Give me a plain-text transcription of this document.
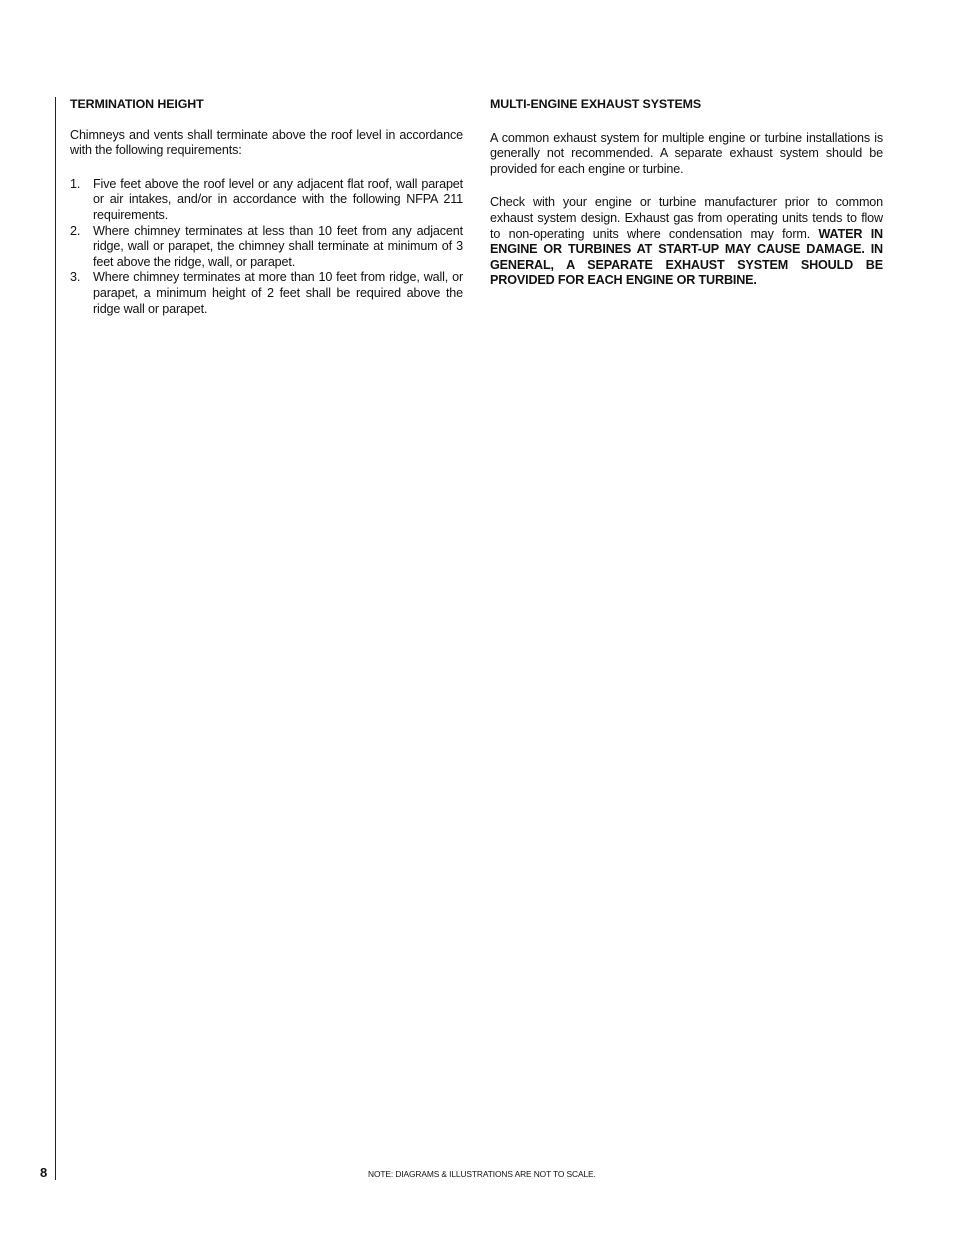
TERMINATION HEIGHT

Chimneys and vents shall terminate above the roof level in accordance with the following requirements:

1. Five feet above the roof level or any adjacent flat roof, wall parapet or air intakes, and/or in accordance with the following NFPA 211 requirements.
2. Where chimney terminates at less than 10 feet from any adjacent ridge, wall or parapet, the chimney shall terminate at minimum of 3 feet above the ridge, wall, or parapet.
3. Where chimney terminates at more than 10 feet from ridge, wall, or parapet, a minimum height of 2 feet shall be required above the ridge wall or parapet.
MULTI-ENGINE EXHAUST SYSTEMS

A common exhaust system for multiple engine or turbine installations is generally not recommended. A separate exhaust system should be provided for each engine or turbine.

Check with your engine or turbine manufacturer prior to common exhaust system design. Exhaust gas from operating units tends to flow to non-operating units where condensation may form. WATER IN ENGINE OR TURBINES AT START-UP MAY CAUSE DAMAGE. IN GENERAL, A SEPARATE EXHAUST SYSTEM SHOULD BE PROVIDED FOR EACH ENGINE OR TURBINE.

8	NOTE: DIAGRAMS & ILLUSTRATIONS ARE NOT TO SCALE.
